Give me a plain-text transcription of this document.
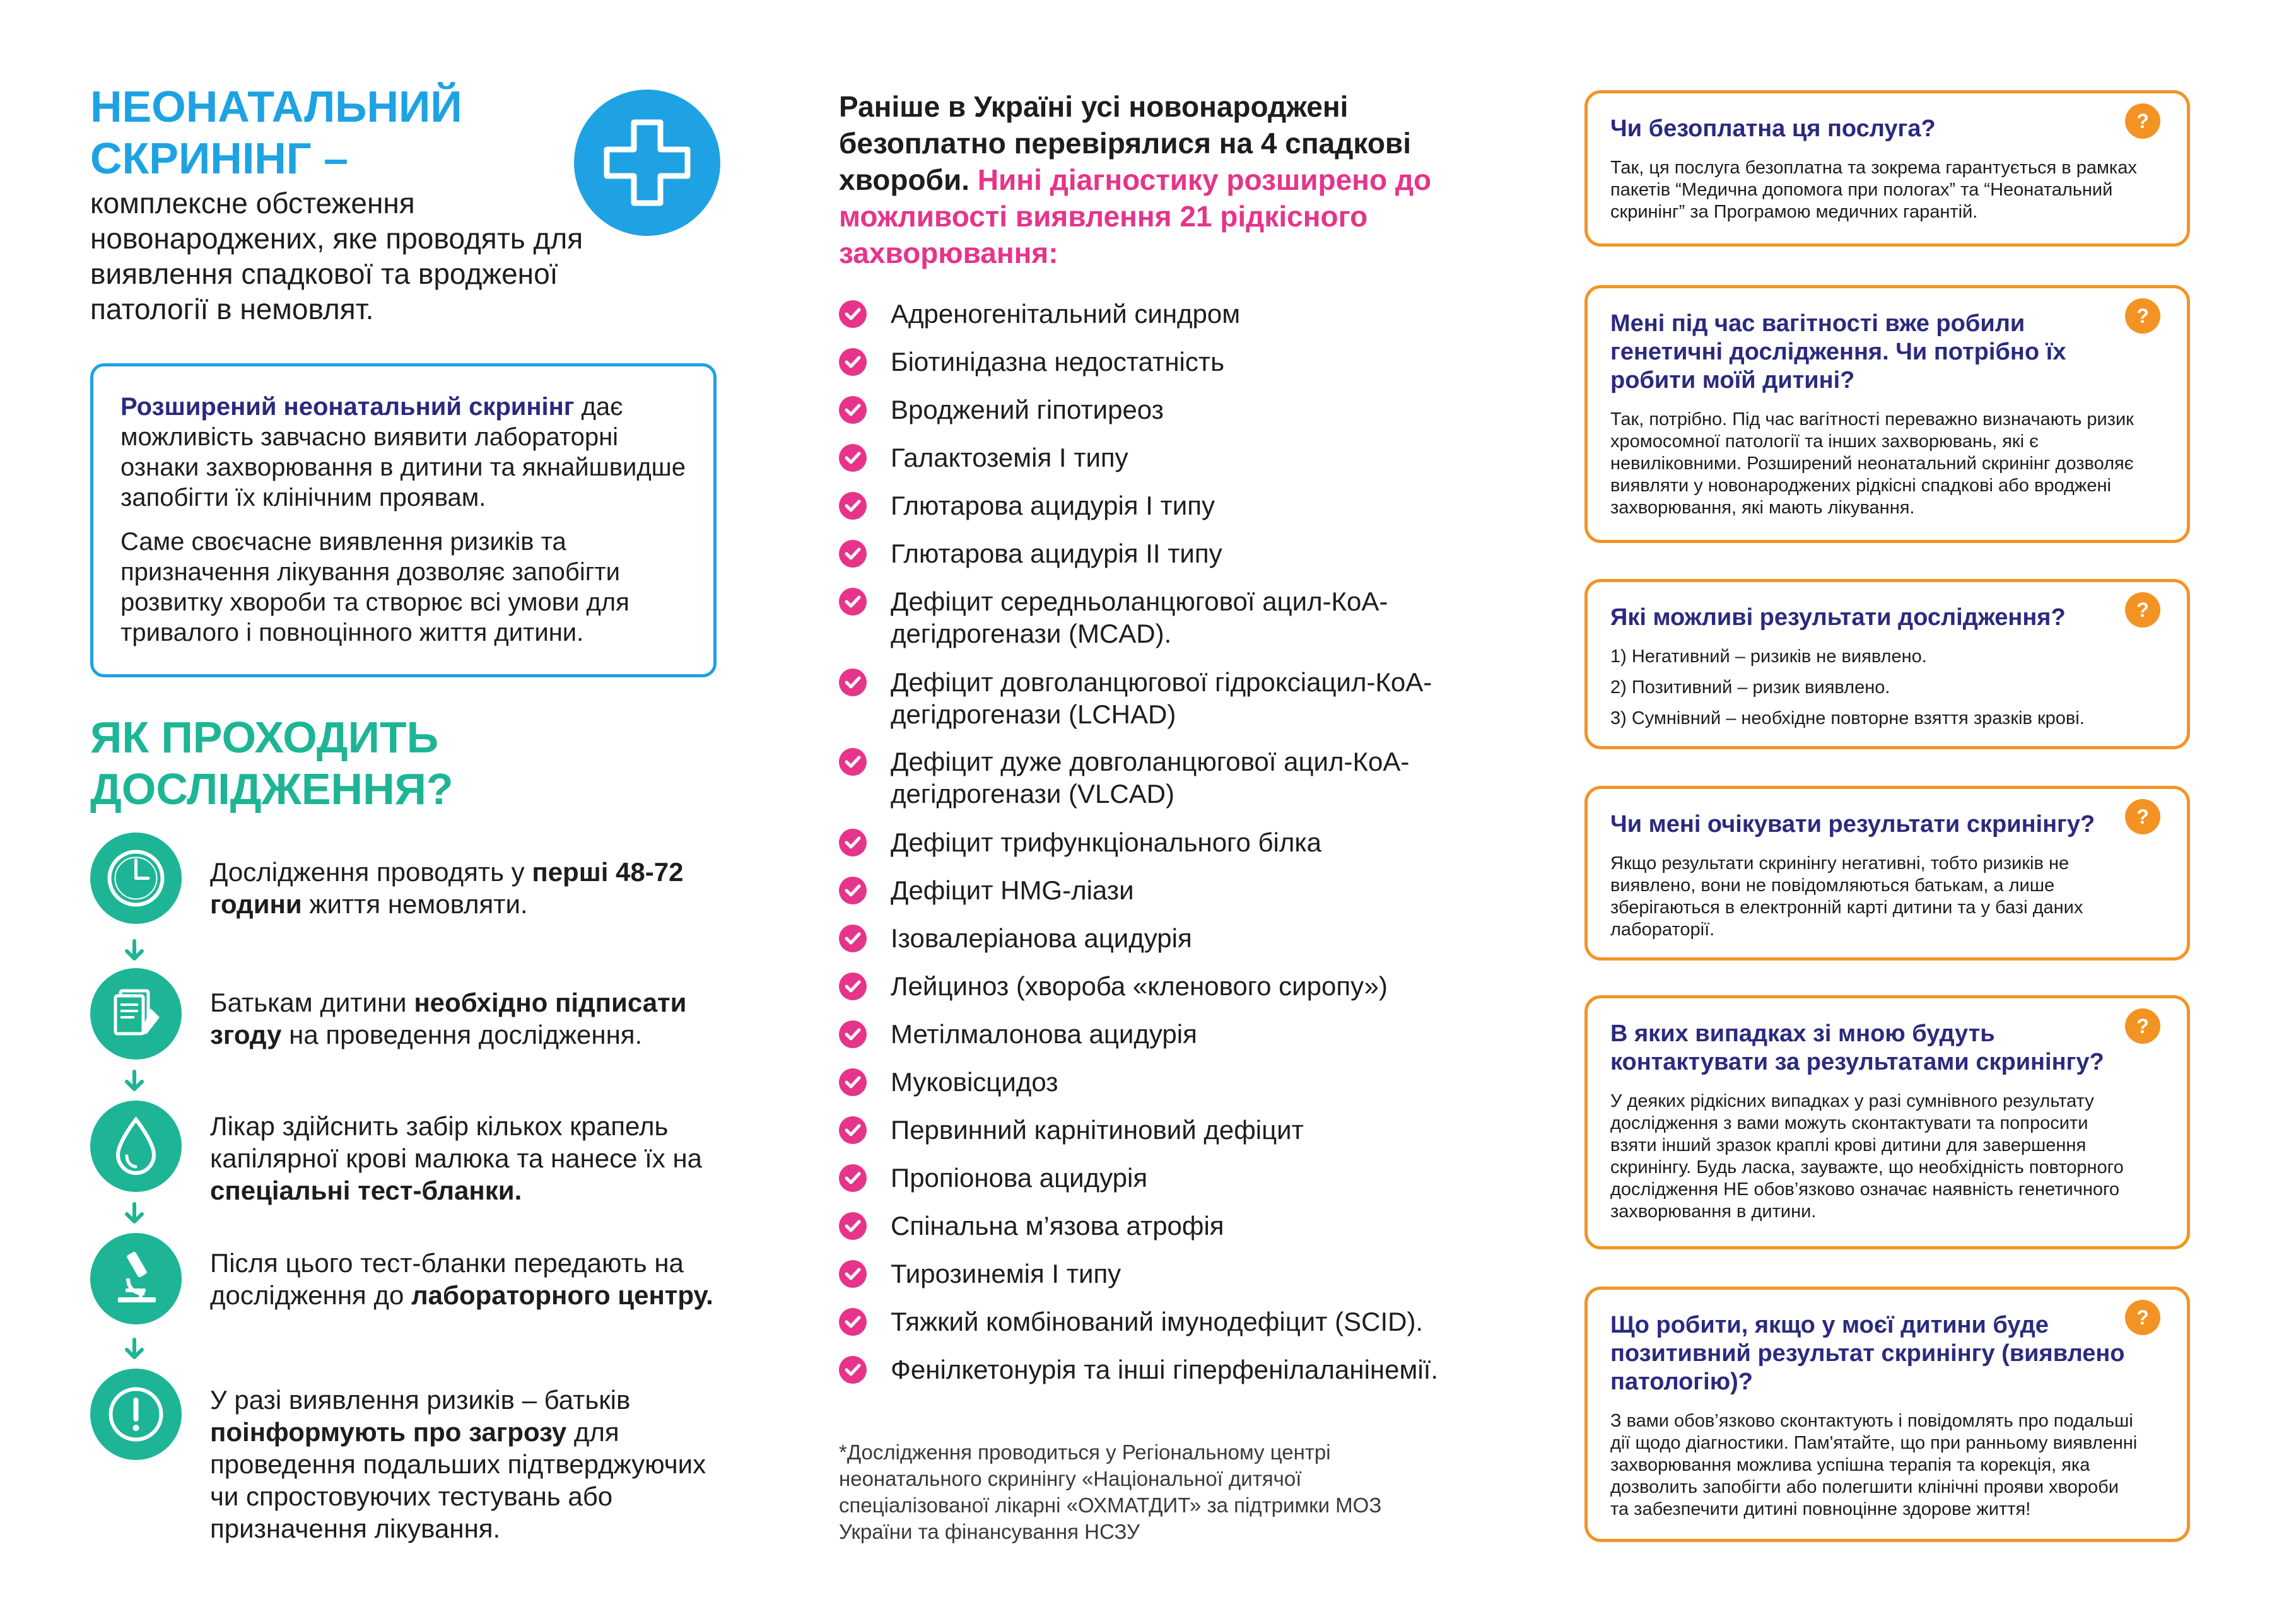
НЕОНАТАЛЬНИЙ СКРИНІНГ –

комплексне обстеження новонароджених, яке проводять для виявлення спадкової та вродженої патології в немовлят.

Розширений неонатальний скринінг дає можливість завчасно виявити лабораторні ознаки захворювання в дитини та якнайшвидше запобігти їх клінічним проявам.

Саме своєчасне виявлення ризиків та призначення лікування дозволяє запобігти розвитку хвороби та створює всі умови для тривалого і повноцінного життя дитини.

ЯК ПРОХОДИТЬ ДОСЛІДЖЕННЯ?

Дослідження проводять у перші 48-72 години життя немовляти.

Батькам дитини необхідно підписати згоду на проведення дослідження.

Лікар здійснить забір кількох крапель капілярної крові малюка та нанесе їх на спеціальні тест-бланки.

Після цього тест-бланки передають на дослідження до лабораторного центру.

У разі виявлення ризиків – батьків поінформують про загрозу для проведення подальших підтверджуючих чи спростовуючих тестувань або призначення лікування.

Раніше в Україні усі новонароджені безоплатно перевірялися на 4 спадкові хвороби. Нині діагностику розширено до можливості виявлення 21 рідкісного захворювання:

Адреногенітальний синдром
Біотинідазна недостатність
Вроджений гіпотиреоз
Галактоземія I типу
Глютарова ацидурія I типу
Глютарова ацидурія II типу
Дефіцит середньоланцюгової ацил-КоА-дегідрогенази (MCAD).
Дефіцит довголанцюгової гідроксіацил-КоА-дегідрогенази (LCHAD)
Дефіцит дуже довголанцюгової ацил-КоА-дегідрогенази (VLCAD)
Дефіцит трифункціонального білка
Дефіцит HMG-ліази
Ізовалеріанова ацидурія
Лейциноз (хвороба «кленового сиропу»)
Метілмалонова ацидурія
Муковісцидоз
Первинний карнітиновий дефіцит
Пропіонова ацидурія
Спінальна м’язова атрофія
Тирозинемія I типу
Тяжкий комбінований імунодефіцит (SCID).
Фенілкетонурія та інші гіперфенілаланінемії.

*Дослідження проводиться у Регіональному центрі неонатального скринінгу «Національної дитячої спеціалізованої лікарні «ОХМАТДИТ» за підтримки МОЗ України та фінансування НСЗУ

?

Чи безоплатна ця послуга?

Так, ця послуга безоплатна та зокрема гарантується в рамках пакетів “Медична допомога при пологах” та “Неонатальний скринінг” за Програмою медичних гарантій.

?

Мені під час вагітності вже робили генетичні дослідження. Чи потрібно їх робити моїй дитині?

Так, потрібно. Під час вагітності переважно визначають ризик хромосомної патології та інших захворювань, які є невиліковними. Розширений неонатальний скринінг дозволяє виявляти у новонароджених рідкісні спадкові або вроджені захворювання, які мають лікування.

?

Які можливі результати дослідження?

1) Негативний – ризиків не виявлено.

2) Позитивний – ризик виявлено.

3) Сумнівний – необхідне повторне взяття зразків крові.

?

Чи мені очікувати результати скринінгу?

Якщо результати скринінгу негативні, тобто ризиків не виявлено, вони не повідомляються батькам, а лише зберігаються в електронній карті дитини та у базі даних лабораторії.

?

В яких випадках зі мною будуть контактувати за результатами скринінгу?

У деяких рідкісних випадках у разі сумнівного результату дослідження з вами можуть сконтактувати та попросити взяти інший зразок краплі крові дитини для завершення скринінгу. Будь ласка, зауважте, що необхідність повторного дослідження НЕ обов’язково означає наявність генетичного захворювання в дитини.

?

Що робити, якщо у моєї дитини буде позитивний результат скринінгу (виявлено патологію)?

З вами обов’язково сконтактують і повідомлять про подальші дії щодо діагностики. Пам'ятайте, що при ранньому виявленні захворювання можлива успішна терапія та корекція, яка дозволить запобігти або полегшити клінічні прояви хвороби та забезпечити дитині повноцінне здорове життя!
